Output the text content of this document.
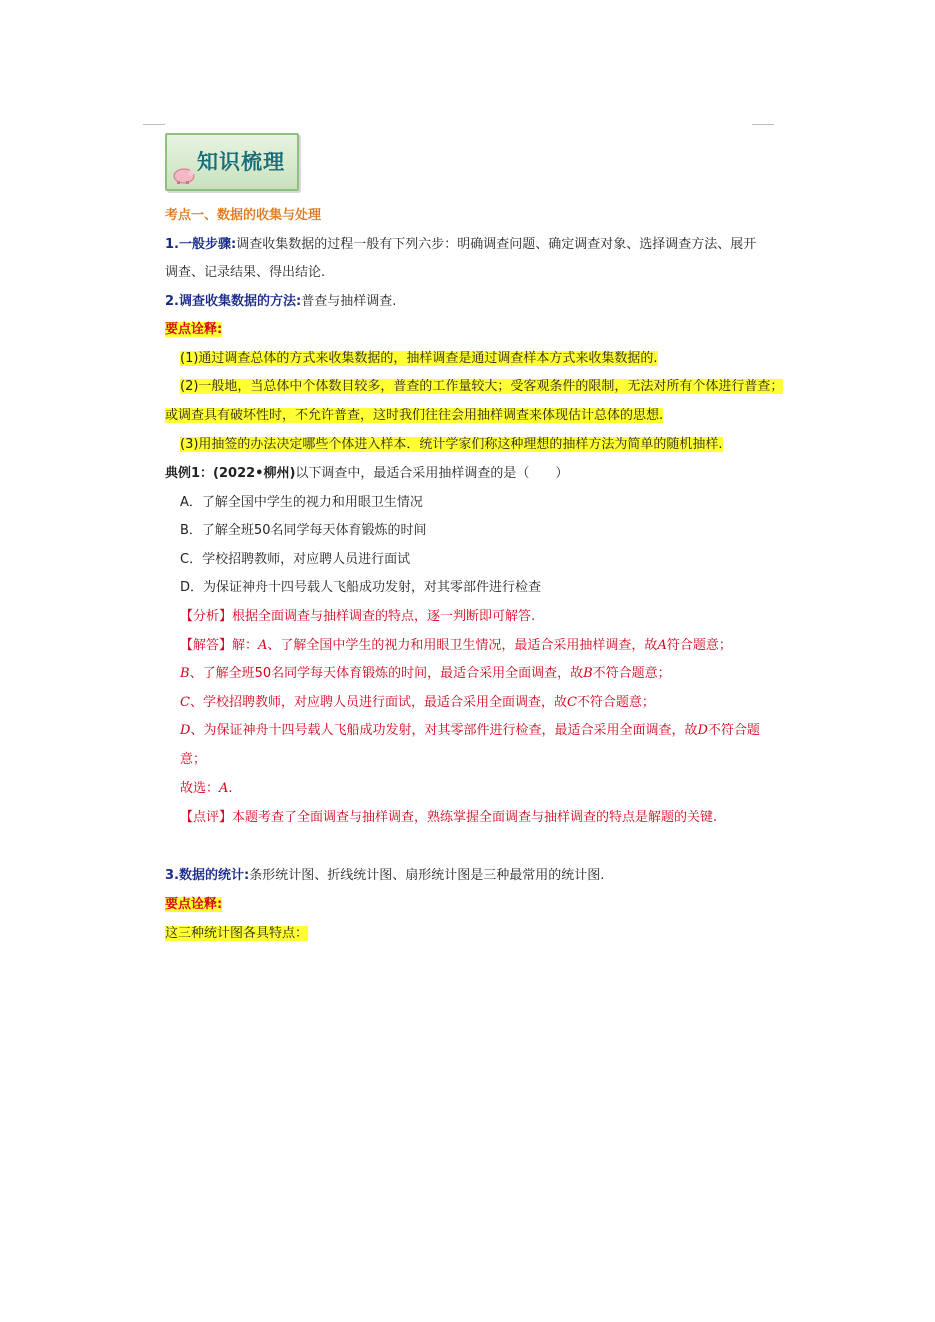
知识梳理
考点一、数据的收集与处理
1.一般步骤:调查收集数据的过程一般有下列六步：明确调查问题、确定调查对象、选择调查方法、展开
调查、记录结果、得出结论.
2.调查收集数据的方法:普查与抽样调查.
要点诠释:
(1)通过调查总体的方式来收集数据的，抽样调查是通过调查样本方式来收集数据的.
(2)一般地，当总体中个体数目较多，普查的工作量较大；受客观条件的限制，无法对所有个体进行普查；
或调查具有破坏性时，不允许普查，这时我们往往会用抽样调查来体现估计总体的思想.
(3)用抽签的办法决定哪些个体进入样本．统计学家们称这种理想的抽样方法为简单的随机抽样.
典例1：(2022•柳州)以下调查中，最适合采用抽样调查的是（　　）
A．了解全国中学生的视力和用眼卫生情况
B．了解全班50名同学每天体育锻炼的时间
C．学校招聘教师，对应聘人员进行面试
D．为保证神舟十四号载人飞船成功发射，对其零部件进行检查
【分析】根据全面调查与抽样调查的特点，逐一判断即可解答.
【解答】解：A、了解全国中学生的视力和用眼卫生情况，最适合采用抽样调查，故A符合题意；
B、了解全班50名同学每天体育锻炼的时间，最适合采用全面调查，故B不符合题意；
C、学校招聘教师，对应聘人员进行面试，最适合采用全面调查，故C不符合题意；
D、为保证神舟十四号载人飞船成功发射，对其零部件进行检查，最适合采用全面调查，故D不符合题
意；
故选：A.
【点评】本题考查了全面调查与抽样调查，熟练掌握全面调查与抽样调查的特点是解题的关键.
3.数据的统计:条形统计图、折线统计图、扇形统计图是三种最常用的统计图.
要点诠释:
这三种统计图各具特点：
